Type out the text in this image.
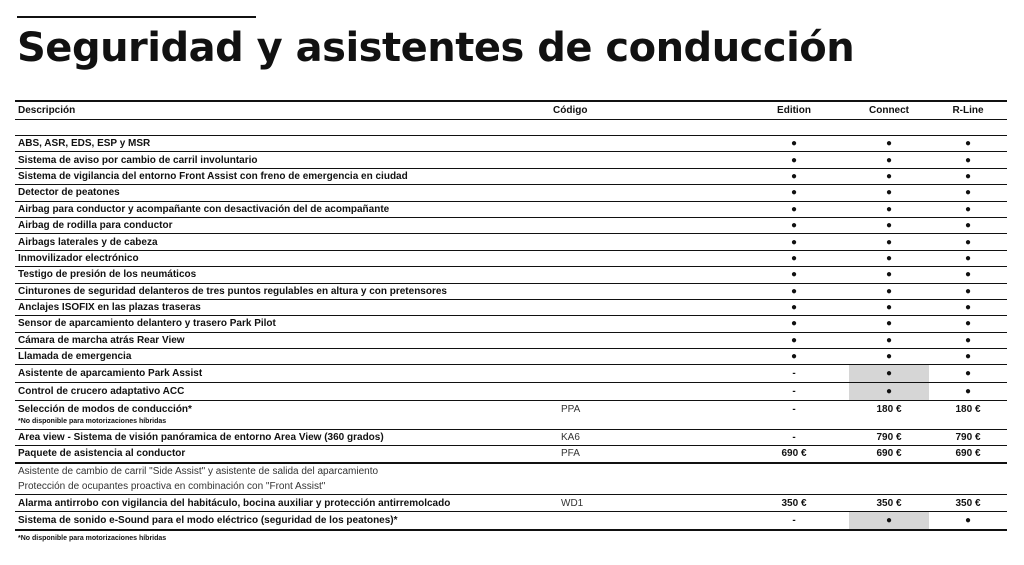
Seguridad y asistentes de conducción
Descripción	Código	Edition	Connect	R-Line

ABS, ASR, EDS, ESP y MSR		●	●	●
Sistema de aviso por cambio de carril involuntario		●	●	●
Sistema de vigilancia del entorno Front Assist con freno de emergencia en ciudad		●	●	●
Detector de peatones		●	●	●
Airbag para conductor y acompañante con desactivación del de acompañante		●	●	●
Airbag de rodilla para conductor		●	●	●
Airbags laterales y de cabeza		●	●	●
Inmovilizador electrónico		●	●	●
Testigo de presión de los neumáticos		●	●	●
Cinturones de seguridad delanteros de tres puntos regulables en altura y con pretensores		●	●	●
Anclajes ISOFIX en las plazas traseras		●	●	●
Sensor de aparcamiento delantero y trasero Park Pilot		●	●	●
Cámara de marcha atrás Rear View		●	●	●
Llamada de emergencia		●	●	●
Asistente de aparcamiento Park Assist		-	●	●
Control de crucero adaptativo ACC		-	●	●
Selección de modos de conducción*	PPA	-	180 €	180 €
*No disponible para motorizaciones híbridas				
Area view - Sistema de visión panóramica de entorno Area View (360 grados)	KA6	-	790 €	790 €
Paquete de asistencia al conductor	PFA	690 €	690 €	690 €
Asistente de cambio de carril "Side Assist" y asistente de salida del aparcamiento				
Protección de ocupantes proactiva en combinación con "Front Assist"				
Alarma antirrobo con vigilancia del habitáculo, bocina auxiliar y protección antirremolcado	WD1	350 €	350 €	350 €
Sistema de sonido e-Sound para el modo eléctrico (seguridad de los peatones)*		-	●	●
*No disponible para motorizaciones híbridas				
